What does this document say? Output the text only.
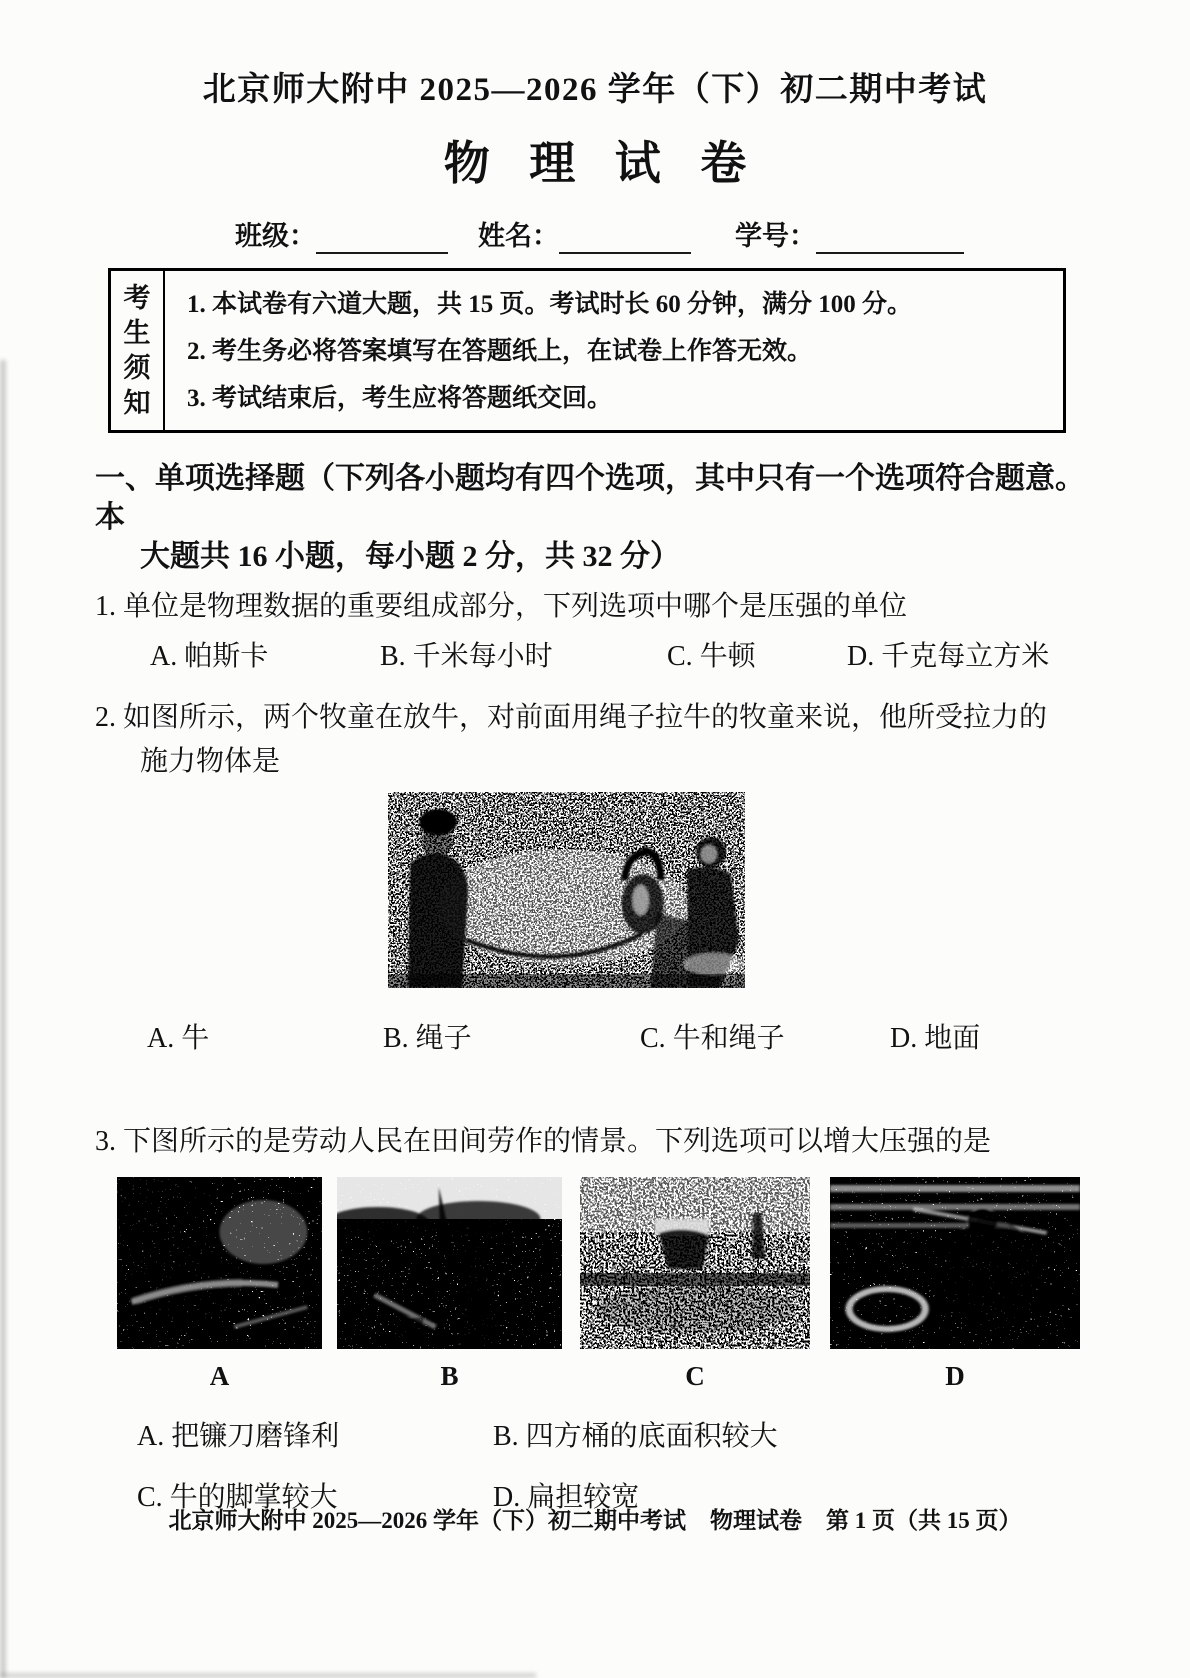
北京师大附中 2025—2026 学年（下）初二期中考试
物 理 试 卷
班级：	姓名：	学号：
考
生
须
知
1. 本试卷有六道大题，共 15 页。考试时长 60 分钟，满分 100 分。
2. 考生务必将答案填写在答题纸上，在试卷上作答无效。
3. 考试结束后，考生应将答题纸交回。
一、单项选择题（下列各小题均有四个选项，其中只有一个选项符合题意。本
大题共 16 小题，每小题 2 分，共 32 分）
1. 单位是物理数据的重要组成部分，下列选项中哪个是压强的单位
A. 帕斯卡	B. 千米每小时	C. 牛顿	D. 千克每立方米
2. 如图所示，两个牧童在放牛，对前面用绳子拉牛的牧童来说，他所受拉力的
施力物体是
A. 牛	B. 绳子	C. 牛和绳子	D. 地面
3. 下图所示的是劳动人民在田间劳作的情景。下列选项可以增大压强的是
A	B	C	D
A. 把镰刀磨锋利	B. 四方桶的底面积较大
C. 牛的脚掌较大	D. 扁担较宽
北京师大附中 2025—2026 学年（下）初二期中考试 物理试卷 第 1 页（共 15 页）
